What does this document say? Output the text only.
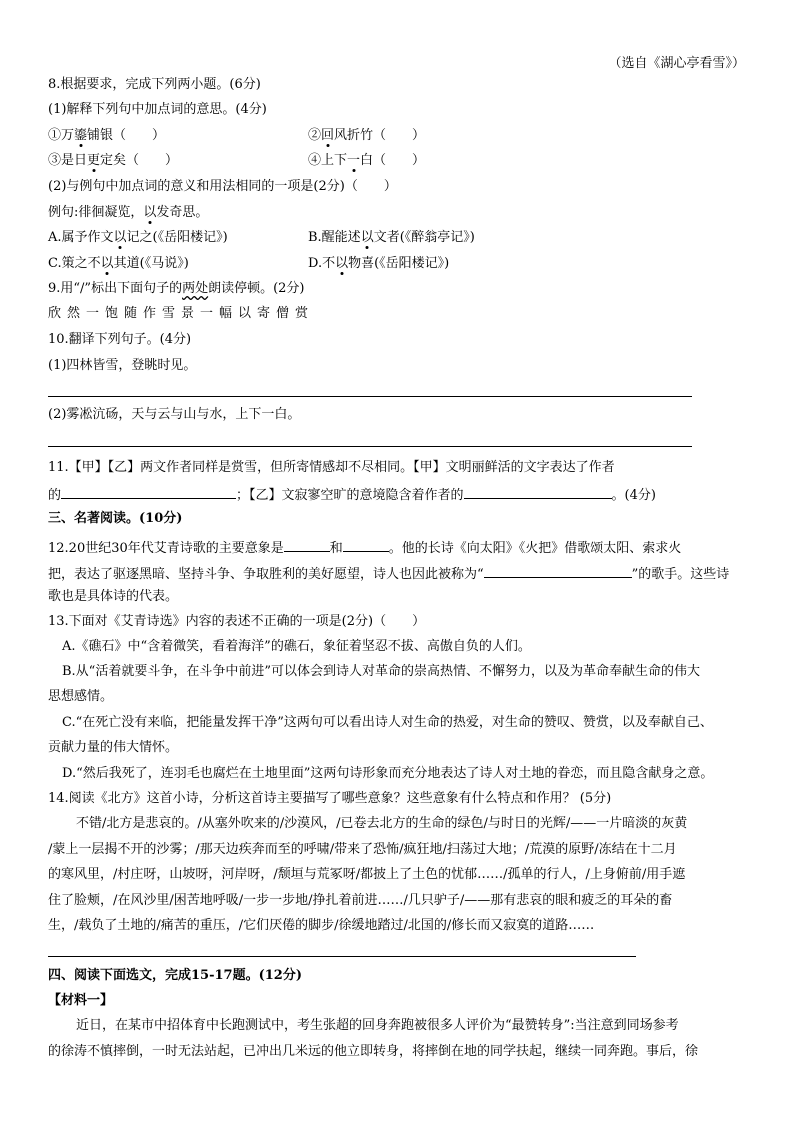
（选自《湖心亭看雪》）
8.根据要求，完成下列两小题。(6分)
(1)解释下列句中加点词的意思。(4分)
①万鎏铺银（　　）	②回风折竹（　　）
③是日更定矣（　　）	④上下一白（　　）
(2)与例句中加点词的意义和用法相同的一项是(2分)（　　）
例句:徘徊凝览，以发奇思。
A.属予作文以记之(《岳阳楼记》)	B.醒能述以文者(《醉翁亭记》)
C.策之不以其道(《马说》)	D.不以物喜(《岳阳楼记》)
9.用“/”标出下面句子的两处朗读停顿。(2分)
欣然一饱随作雪景一幅以寄僧赏
10.翻译下列句子。(4分)
(1)四林皆雪，登眺时见。
(2)雾凇沆砀，天与云与山与水，上下一白。
11.【甲】【乙】两文作者同样是赏雪，但所寄情感却不尽相同。【甲】文明丽鲜活的文字表达了作者
的	；【乙】文寂寥空旷的意境隐含着作者的	。(4分)
三、名著阅读。(10分)
12.20世纪30年代艾青诗歌的主要意象是	和	。他的长诗《向太阳》《火把》借歌颂太阳、索求火
把，表达了驱逐黑暗、坚持斗争、争取胜利的美好愿望，诗人也因此被称为“	”的歌手。这些诗
歌也是具体诗的代表。
13.下面对《艾青诗选》内容的表述不正确的一项是(2分)（　　）
A.《礁石》中“含着微笑，看着海洋”的礁石，象征着坚忍不拔、高傲自负的人们。
B.从“活着就要斗争，在斗争中前进”可以体会到诗人对革命的崇高热情、不懈努力，以及为革命奉献生命的伟大
思想感情。
C.“在死亡没有来临，把能量发挥干净”这两句可以看出诗人对生命的热爱，对生命的赞叹、赞赏，以及奉献自己、
贡献力量的伟大情怀。
D.“然后我死了，连羽毛也腐烂在土地里面”这两句诗形象而充分地表达了诗人对土地的眷恋，而且隐含献身之意。
14.阅读《北方》这首小诗，分析这首诗主要描写了哪些意象？这些意象有什么特点和作用？ (5分)
不错/北方是悲哀的。/从塞外吹来的/沙漠风，/已卷去北方的生命的绿色/与时日的光辉/——一片暗淡的灰黄
/蒙上一层揭不开的沙雾；/那天边疾奔而至的呼啸/带来了恐怖/疯狂地/扫荡过大地；/荒漠的原野/冻结在十二月
的寒风里，/村庄呀，山坡呀，河岸呀，/颓垣与荒冢呀/都披上了土色的忧郁……/孤单的行人，/上身俯前/用手遮
住了脸颊，/在风沙里/困苦地呼吸/一步一步地/挣扎着前进……/几只驴子/——那有悲哀的眼和疲乏的耳朵的畜
生，/载负了土地的/痛苦的重压，/它们厌倦的脚步/徐缓地踏过/北国的/修长而又寂寞的道路……
四、阅读下面选文，完成15-17题。(12分)
【材料一】
近日，在某市中招体育中长跑测试中，考生张超的回身奔跑被很多人评价为“最赞转身”:当注意到同场参考
的徐涛不慎摔倒，一时无法站起，已冲出几米远的他立即转身，将摔倒在地的同学扶起，继续一同奔跑。事后，徐
